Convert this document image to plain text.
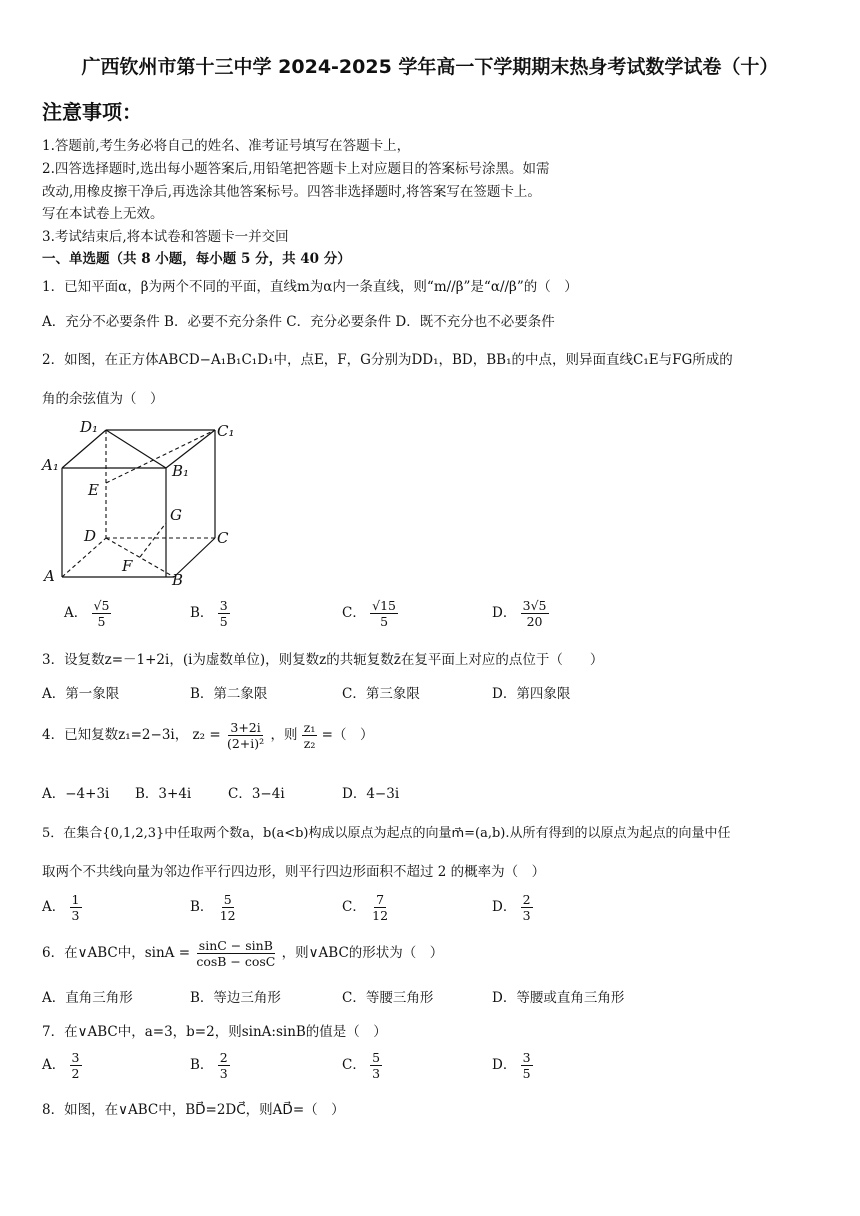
广西钦州市第十三中学 2024-2025 学年高一下学期期末热身考试数学试卷（十）
注意事项：
1.答题前,考生务必将自己的姓名、准考证号填写在答题卡上，
2.四答选择题时,选出每小题答案后,用铅笔把答题卡上对应题目的答案标号涂黑。如需
改动,用橡皮擦干净后,再选涂其他答案标号。四答非选择题时,将答案写在签题卡上。
写在本试卷上无效。
3.考试结束后,将本试卷和答题卡一并交回
一、单选题（共 8 小题，每小题 5 分，共 40 分）
1．已知平面α，β为两个不同的平面，直线m为α内一条直线，则“m//β”是“α//β”的（　）
A．充分不必要条件 B．必要不充分条件 C．充分必要条件 D．既不充分也不必要条件
2．如图，在正方体ABCD−A₁B₁C₁D₁中，点E，F，G分别为DD₁，BD，BB₁的中点，则异面直线C₁E与FG所成的
角的余弦值为（　）
D₁	C₁
A₁	B₁
E
G
D	C
F
A	B
A． $\frac{√5}{5}$	B． $\frac{3}{5}$	C． $\frac{√15}{5}$	D． $\frac{3√5}{20}$
3．设复数z=－1+2i，(i为虚数单位)，则复数z的共轭复数z̄在复平面上对应的点位于（　　）
A．第一象限	B．第二象限	C．第三象限	D．第四象限
4．已知复数z₁=2−3i， $z_2 = \frac{3+2i}{\text{(2+i)²}}$ ，则 $\frac{\text{z₁}}{\text{z₂}}$ =（　）
A．−4+3i B．3+4i	C．3−4i	D．4−3i
5．在集合{0,1,2,3}中任取两个数a，b(a<b)构成以原点为起点的向量m⃗=(a,b).从所有得到的以原点为起点的向量中任
取两个不共线向量为邻边作平行四边形，则平行四边形面积不超过 2 的概率为（　）
A． $\frac{1}{3}$	B． $\frac{5}{12}$	C． $\frac{7}{12}$	D． $\frac{2}{3}$
6．在∨ABC中，$\sin A = \frac{\sin C - \sin B}{\cos B - \cos C}$ ，则∨ABC的形状为（　）
A．直角三角形	B．等边三角形	C．等腰三角形	D．等腰或直角三角形
7．在∨ABC中，a=3，b=2，则sinA:sinB的值是（　）
A． $\frac{3}{2}$	B． $\frac{2}{3}$	C． $\frac{5}{3}$	D． $\frac{3}{5}$
8．如图，在∨ABC中，BD⃗=2DC⃗，则AD⃗=（　）
